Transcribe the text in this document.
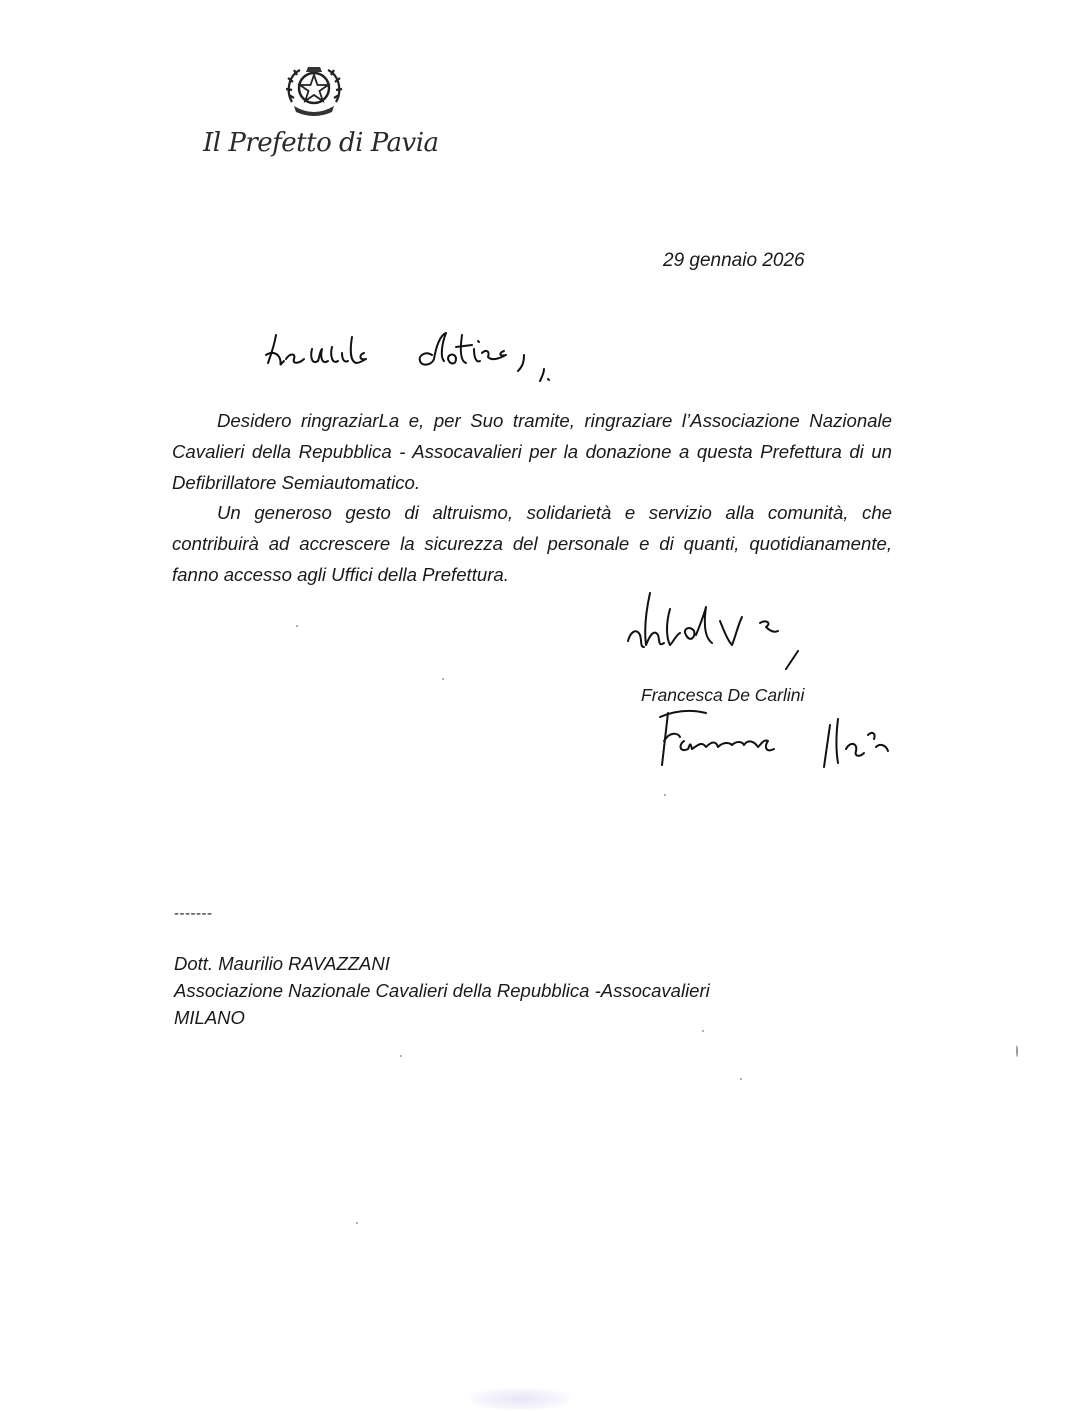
Il Prefetto di Pavia
29 gennaio 2026

Desidero ringraziarLa e, per Suo tramite, ringraziare l’Associazione Nazionale Cavalieri della Repubblica - Assocavalieri per la donazione a questa Prefettura di un Defibrillatore Semiautomatico.

Un generoso gesto di altruismo, solidarietà e servizio alla comunità, che contribuirà ad accrescere la sicurezza del personale e di quanti, quotidianamente, fanno accesso agli Uffici della Prefettura.

Francesca De Carlini
-------
Dott. Maurilio RAVAZZANI
Associazione Nazionale Cavalieri della Repubblica -Assocavalieri
MILANO
